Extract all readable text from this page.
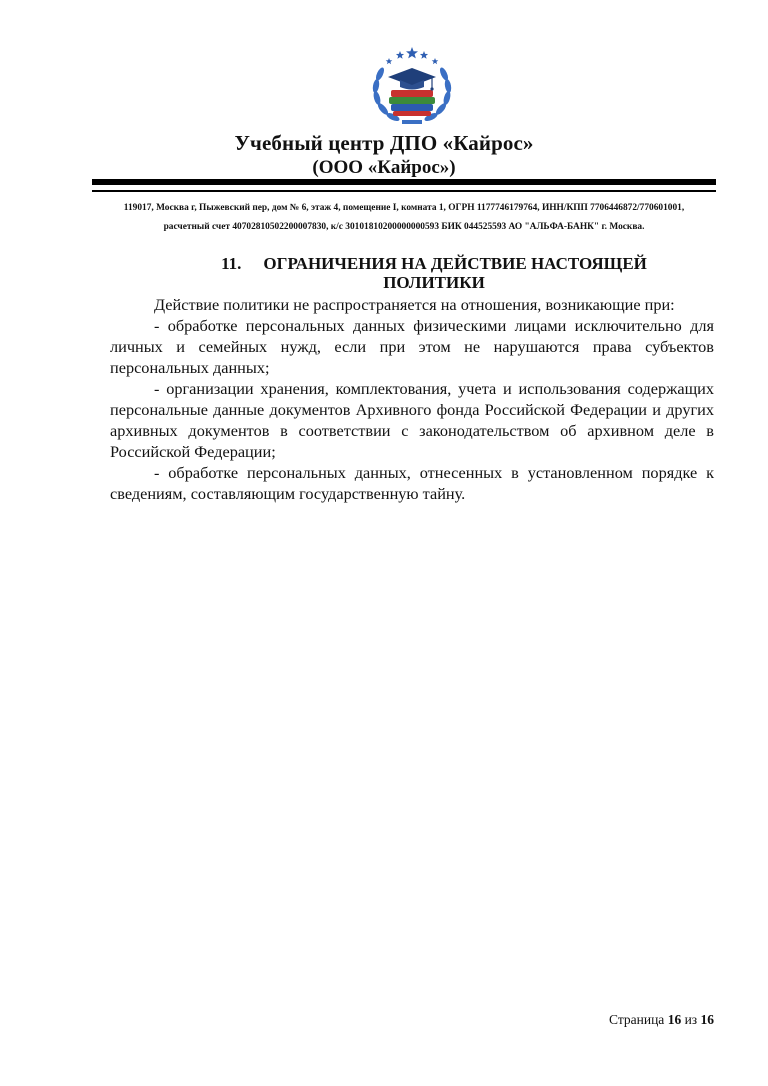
Учебный центр ДПО «Кайрос»
(ООО «Кайрос»)
119017, Москва г, Пыжевский пер, дом № 6, этаж 4, помещение I, комната 1, ОГРН 1177746179764, ИНН/КПП 7706446872/770601001,
расчетный счет 40702810502200007830, к/с 30101810200000000593 БИК 044525593 АО "АЛЬФА-БАНК" г. Москва.
11. ОГРАНИЧЕНИЯ НА ДЕЙСТВИЕ НАСТОЯЩЕЙ
ПОЛИТИКИ

Действие политики не распространяется на отношения, возникающие при:

- обработке персональных данных физическими лицами исключительно для личных и семейных нужд, если при этом не нарушаются права субъектов персональных данных;

- организации хранения, комплектования, учета и использования содержащих персональные данные документов Архивного фонда Российской Федерации и других архивных документов в соответствии с законодательством об архивном деле в Российской Федерации;

- обработке персональных данных, отнесенных в установленном порядке к сведениям, составляющим государственную тайну.

Страница 16 из 16
